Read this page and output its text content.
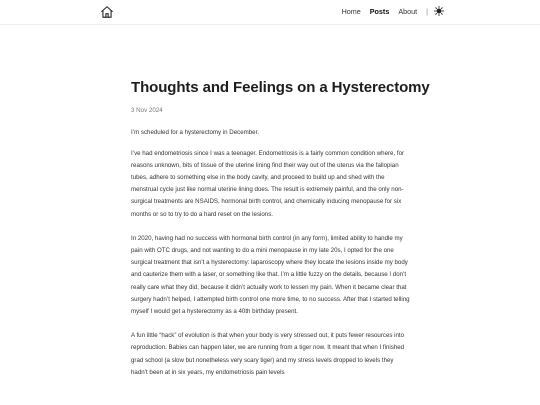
Home Posts About |
Thoughts and Feelings on a Hysterectomy
3 Nov 2024

I’m scheduled for a hysterectomy in December.

I’ve had endometriosis since I was a teenager. Endometriosis is a fairly common condition where, for reasons unknown, bits of tissue of the uterine lining find their way out of the uterus via the fallopian tubes, adhere to something else in the body cavity, and proceed to build up and shed with the menstrual cycle just like normal uterine lining does. The result is extremely painful, and the only non-surgical treatments are NSAIDS, hormonal birth control, and chemically inducing menopause for six months or so to try to do a hard reset on the lesions.

In 2020, having had no success with hormonal birth control (in any form), limited ability to handle my pain with OTC drugs, and not wanting to do a mini menopause in my late 20s, I opted for the one surgical treatment that isn’t a hysterectomy: laparoscopy where they locate the lesions inside my body and cauterize them with a laser, or something like that. I’m a little fuzzy on the details, because I don’t really care what they did, because it didn’t actually work to lessen my pain. When it became clear that surgery hadn’t helped, I attempted birth control one more time, to no success. After that I started telling myself I would get a hysterectomy as a 40th birthday present.

A fun little “hack” of evolution is that when your body is very stressed out, it puts fewer resources into reproduction. Babies can happen later, we are running from a tiger now. It meant that when I finished grad school (a slow but nonetheless very scary tiger) and my stress levels dropped to levels they hadn’t been at in six years, my endometriosis pain levels
